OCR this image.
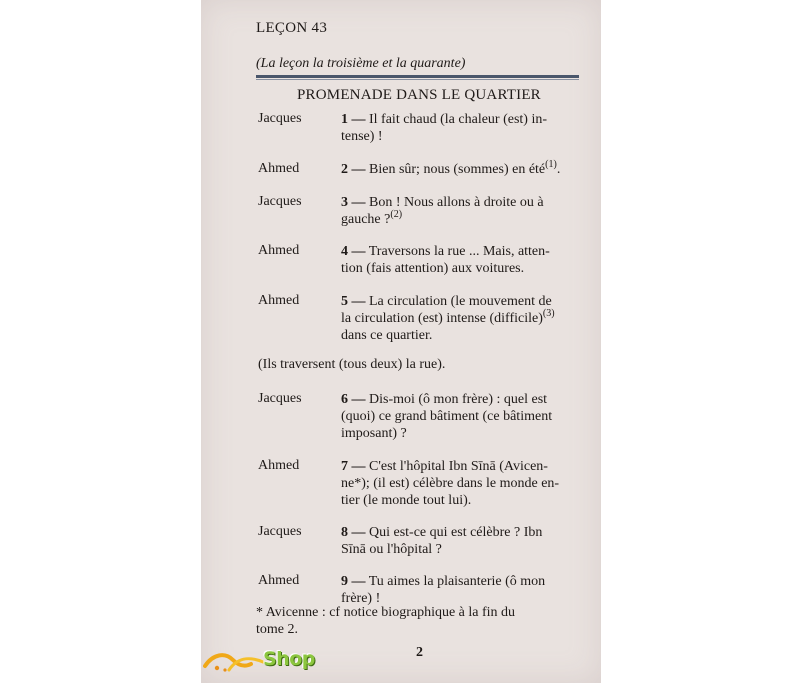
LEÇON 43
(La leçon la troisième et la quarante)
PROMENADE DANS LE QUARTIER
Jacques	1 — Il fait chaud (la chaleur (est) in-
tense) !
Ahmed	2 — Bien sûr; nous (sommes) en été$^{(1)}$.
Jacques	3 — Bon ! Nous allons à droite ou à
gauche ?$^{(2)}$
Ahmed	4 — Traversons la rue ... Mais, atten-
tion (fais attention) aux voitures.
Ahmed	5 — La circulation (le mouvement de
la circulation (est) intense (difficile)$^{(3)}$
dans ce quartier.
(Ils traversent (tous deux) la rue).
Jacques	6 — Dis-moi (ô mon frère) : quel est
(quoi) ce grand bâtiment (ce bâtiment
imposant) ?
Ahmed	7 — C'est l'hôpital Ibn Sīnā (Avicen-
ne*); (il est) célèbre dans le monde en-
tier (le monde tout lui).
Jacques	8 — Qui est-ce qui est célèbre ? Ibn
Sīnā ou l'hôpital ?
Ahmed	9 — Tu aimes la plaisanterie (ô mon
frère) !
* Avicenne : cf notice biographique à la fin du
tome 2.
2
Shop
